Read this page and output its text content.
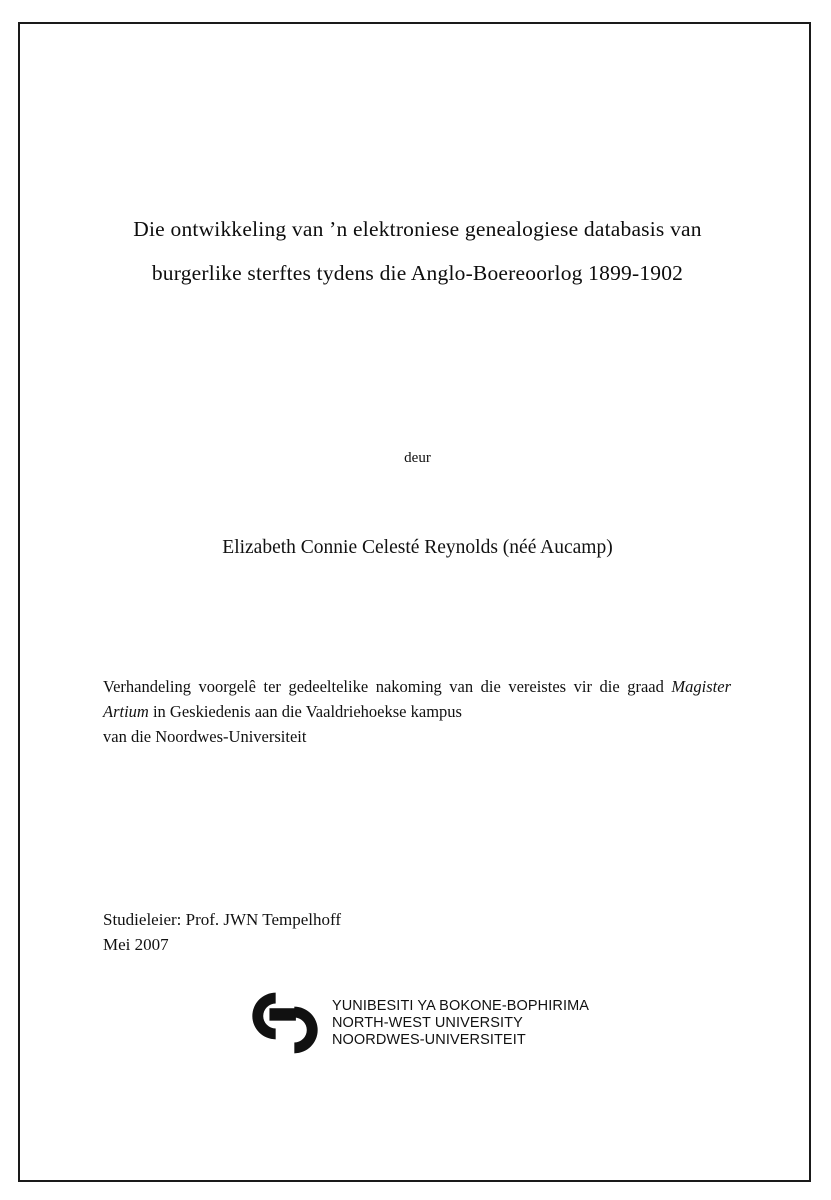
Die ontwikkeling van ’n elektroniese genealogiese databasis van
burgerlike sterftes tydens die Anglo-Boereoorlog 1899-1902
deur
Elizabeth Connie Celesté Reynolds (néé Aucamp)
Verhandeling voorgelê ter gedeeltelike nakoming van die vereistes vir die graad Magister Artium in Geskiedenis aan die Vaaldriehoekse kampus
van die Noordwes-Universiteit
Studieleier: Prof. JWN Tempelhoff
Mei 2007
YUNIBESITI YA BOKONE-BOPHIRIMA
NORTH-WEST UNIVERSITY
NOORDWES-UNIVERSITEIT
